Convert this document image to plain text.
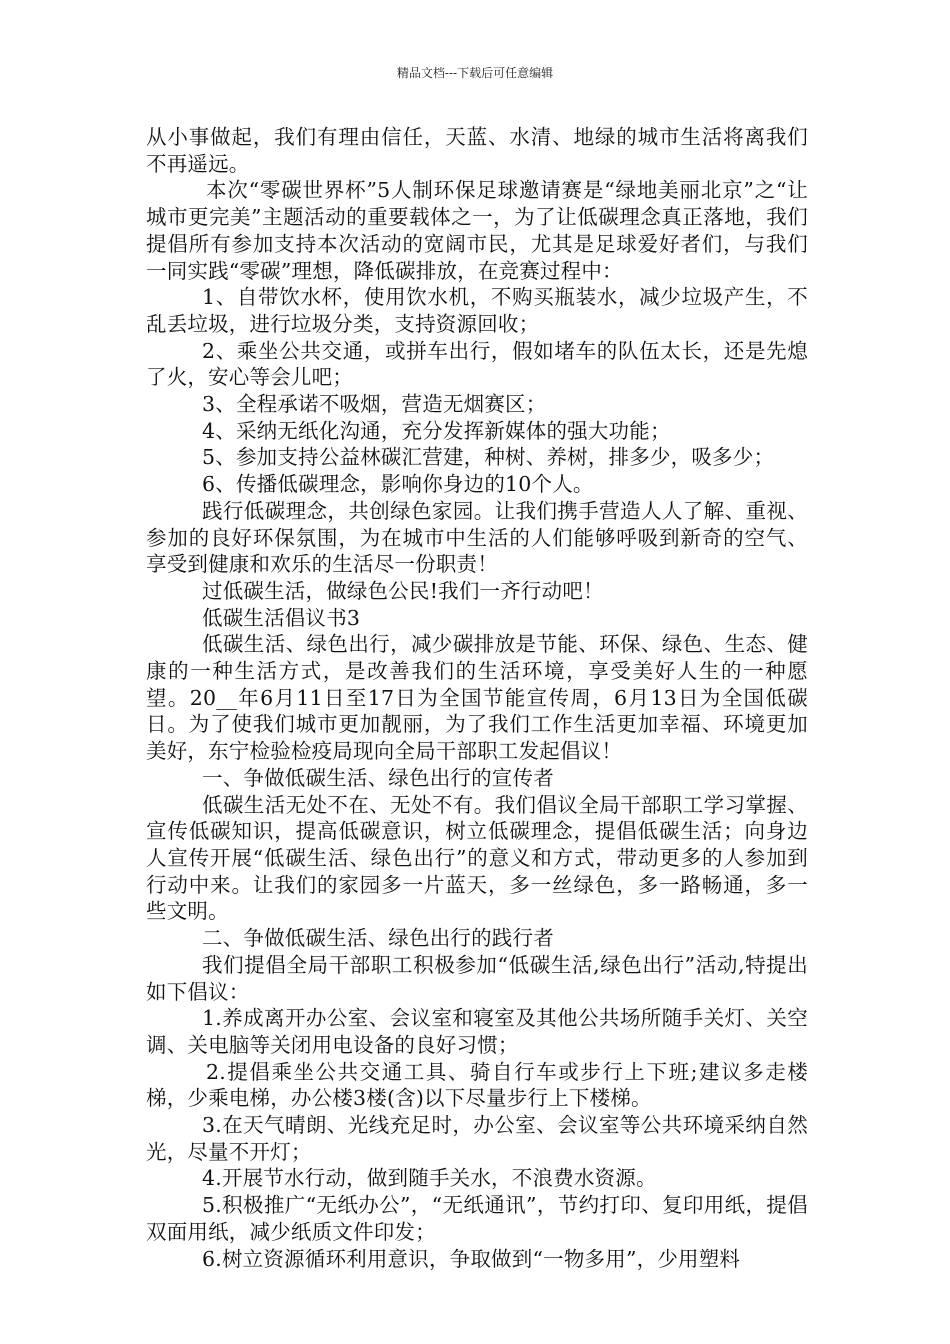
精品文档---下载后可任意编辑

从小事做起，我们有理由信任，天蓝、水清、地绿的城市生活将离我们不再遥远。

本次“零碳世界杯”5人制环保足球邀请赛是“绿地美丽北京”之“让城市更完美”主题活动的重要载体之一，为了让低碳理念真正落地，我们提倡所有参加支持本次活动的宽阔市民，尤其是足球爱好者们，与我们一同实践“零碳”理想，降低碳排放，在竞赛过程中：

1、自带饮水杯，使用饮水机，不购买瓶装水，减少垃圾产生，不乱丢垃圾，进行垃圾分类，支持资源回收；

2、乘坐公共交通，或拼车出行，假如堵车的队伍太长，还是先熄了火，安心等会儿吧；

3、全程承诺不吸烟，营造无烟赛区；

4、采纳无纸化沟通，充分发挥新媒体的强大功能；

5、参加支持公益林碳汇营建，种树、养树，排多少，吸多少；

6、传播低碳理念，影响你身边的10个人。

践行低碳理念，共创绿色家园。让我们携手营造人人了解、重视、参加的良好环保氛围，为在城市中生活的人们能够呼吸到新奇的空气、享受到健康和欢乐的生活尽一份职责！

过低碳生活，做绿色公民!我们一齐行动吧！

低碳生活倡议书3

低碳生活、绿色出行，减少碳排放是节能、环保、绿色、生态、健康的一种生活方式，是改善我们的生活环境，享受美好人生的一种愿望。20__年6月11日至17日为全国节能宣传周，6月13日为全国低碳日。为了使我们城市更加靓丽，为了我们工作生活更加幸福、环境更加美好，东宁检验检疫局现向全局干部职工发起倡议！

一、争做低碳生活、绿色出行的宣传者

低碳生活无处不在、无处不有。我们倡议全局干部职工学习掌握、宣传低碳知识，提高低碳意识，树立低碳理念，提倡低碳生活；向身边人宣传开展“低碳生活、绿色出行”的意义和方式，带动更多的人参加到行动中来。让我们的家园多一片蓝天，多一丝绿色，多一路畅通，多一些文明。

二、争做低碳生活、绿色出行的践行者

我们提倡全局干部职工积极参加“低碳生活,绿色出行”活动,特提出如下倡议：

1.养成离开办公室、会议室和寝室及其他公共场所随手关灯、关空调、关电脑等关闭用电设备的良好习惯；

2.提倡乘坐公共交通工具、骑自行车或步行上下班;建议多走楼梯，少乘电梯，办公楼3楼(含)以下尽量步行上下楼梯。

3.在天气晴朗、光线充足时，办公室、会议室等公共环境采纳自然光，尽量不开灯；

4.开展节水行动，做到随手关水，不浪费水资源。

5.积极推广“无纸办公”，“无纸通讯”，节约打印、复印用纸，提倡双面用纸，减少纸质文件印发；

6.树立资源循环利用意识，争取做到“一物多用”，少用塑料
